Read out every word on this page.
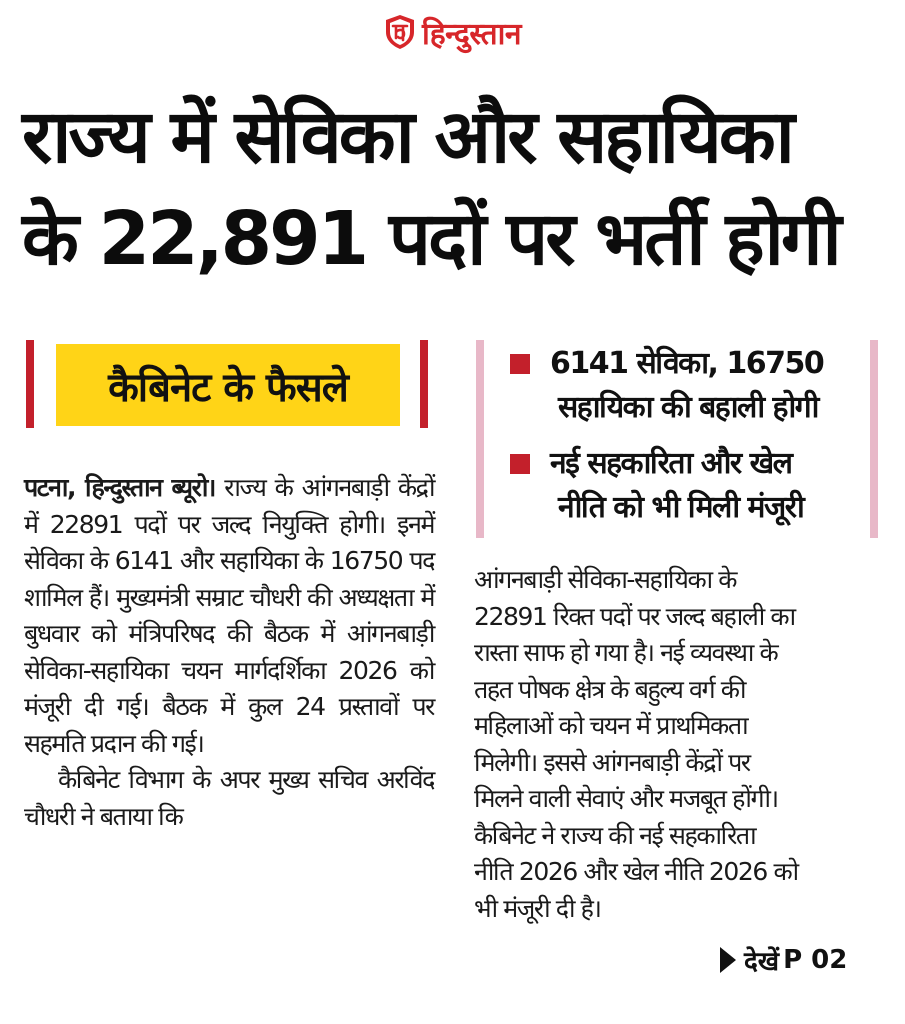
हिन्दुस्तान
राज्य में सेविका और सहायिका
के 22,891 पदों पर भर्ती होगी
कैबिनेट के फैसले
6141 सेविका, 16750
सहायिका की बहाली होगी
नई सहकारिता और खेल
नीति को भी मिली मंजूरी

पटना, हिन्दुस्तान ब्यूरो। राज्य के आंगनबाड़ी केंद्रों में 22891 पदों पर जल्द नियुक्ति होगी। इनमें सेविका के 6141 और सहायिका के 16750 पद शामिल हैं। मुख्यमंत्री सम्राट चौधरी की अध्यक्षता में बुधवार को मंत्रिपरिषद की बैठक में आंगनबाड़ी सेविका-सहायिका चयन मार्गदर्शिका 2026 को मंजूरी दी गई। बैठक में कुल 24 प्रस्तावों पर सहमति प्रदान की गई।

कैबिनेट विभाग के अपर मुख्य सचिव अरविंद चौधरी ने बताया कि

आंगनबाड़ी सेविका-सहायिका के
22891 रिक्त पदों पर जल्द बहाली का
रास्ता साफ हो गया है। नई व्यवस्था के
तहत पोषक क्षेत्र के बहुल्य वर्ग की
महिलाओं को चयन में प्राथमिकता
मिलेगी। इससे आंगनबाड़ी केंद्रों पर
मिलने वाली सेवाएं और मजबूत होंगी।
कैबिनेट ने राज्य की नई सहकारिता
नीति 2026 और खेल नीति 2026 को
भी मंजूरी दी है।
देखें P 02
